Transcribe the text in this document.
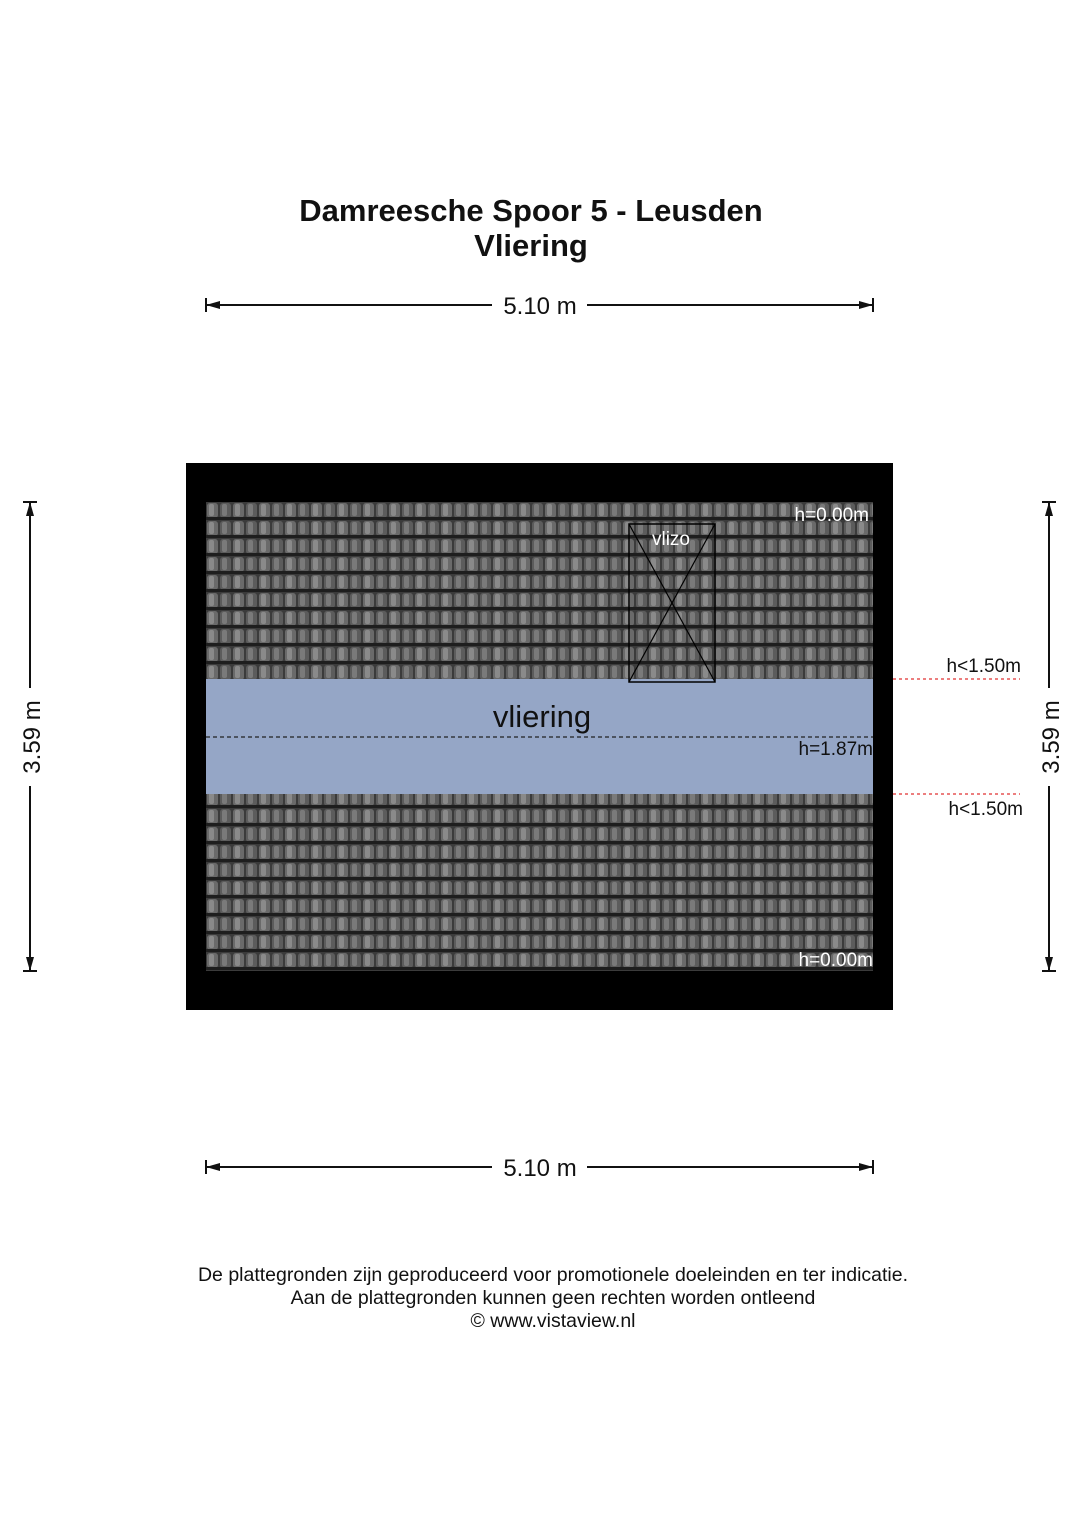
Damreesche Spoor 5 - Leusden
Vliering
5.10 m
5.10 m
3.59 m	3.59 m
vlizo
vliering
h=0.00m
h=1.87m
h=0.00m
h<1.50m
h<1.50m
De plattegronden zijn geproduceerd voor promotionele doeleinden en ter indicatie.
Aan de plattegronden kunnen geen rechten worden ontleend
© www.vistaview.nl
